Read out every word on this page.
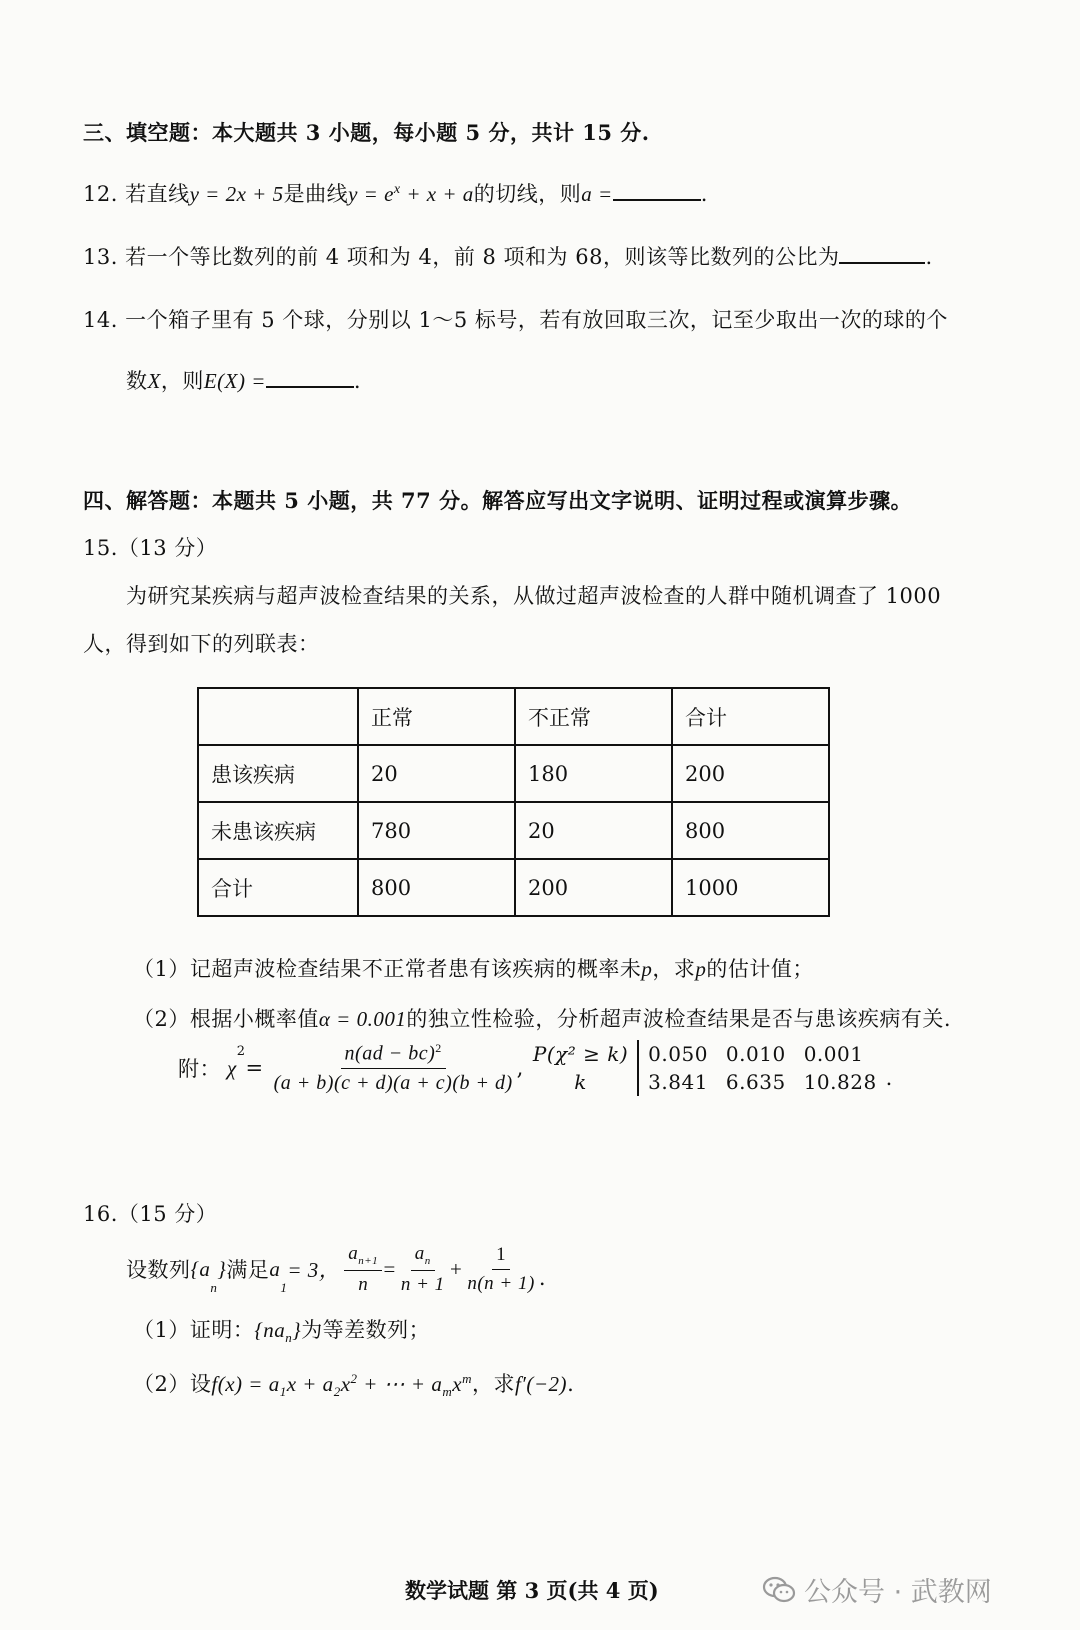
三、填空题：本大题共 3 小题，每小题 5 分，共计 15 分.
12. 若直线y = 2x + 5是曲线$y = e^x + x + a$的切线，则a =	.
13. 若一个等比数列的前 4 项和为 4，前 8 项和为 68，则该等比数列的公比为	.
14. 一个箱子里有 5 个球，分别以 1～5 标号，若有放回取三次，记至少取出一次的球的个
数X，则E(X) =	.
四、解答题：本题共 5 小题，共 77 分。解答应写出文字说明、证明过程或演算步骤。
15.（13 分）
为研究某疾病与超声波检查结果的关系，从做过超声波检查的人群中随机调查了 1000
人，得到如下的列联表：
	正常	不正常	合计
患该疾病	20	180	200
未患该疾病	780	20	800
合计	800	200	1000
（1）记超声波检查结果不正常者患有该疾病的概率未p，求p的估计值；
（2）根据小概率值α = 0.001的独立性检验，分析超声波检查结果是否与患该疾病有关.
附： χ
$^2$
= $\frac{n(ad - bc)^2}{(a + b)(c + d)(a + c)(b + d)}$ ,
P(χ² ≥ k)	0.050	0.010	0.001
k	3.841	6.635	10.828 .
16.（15 分）
设数列 {a
$_n$
} 满足 a
$_1$
= 3， $\frac{a_{n+1}}{n} = \frac{a_n}{n + 1} + \frac{1}{n(n + 1)}$ .
（1）证明：$\{na_n\}$为等差数列；
（2）设$f(x) = a_1x + a_2x^2$ + ⋯ + $a_mx^m$，求f′(−2).
数学试题 第 3 页(共 4 页)	公众号 · 武教网
